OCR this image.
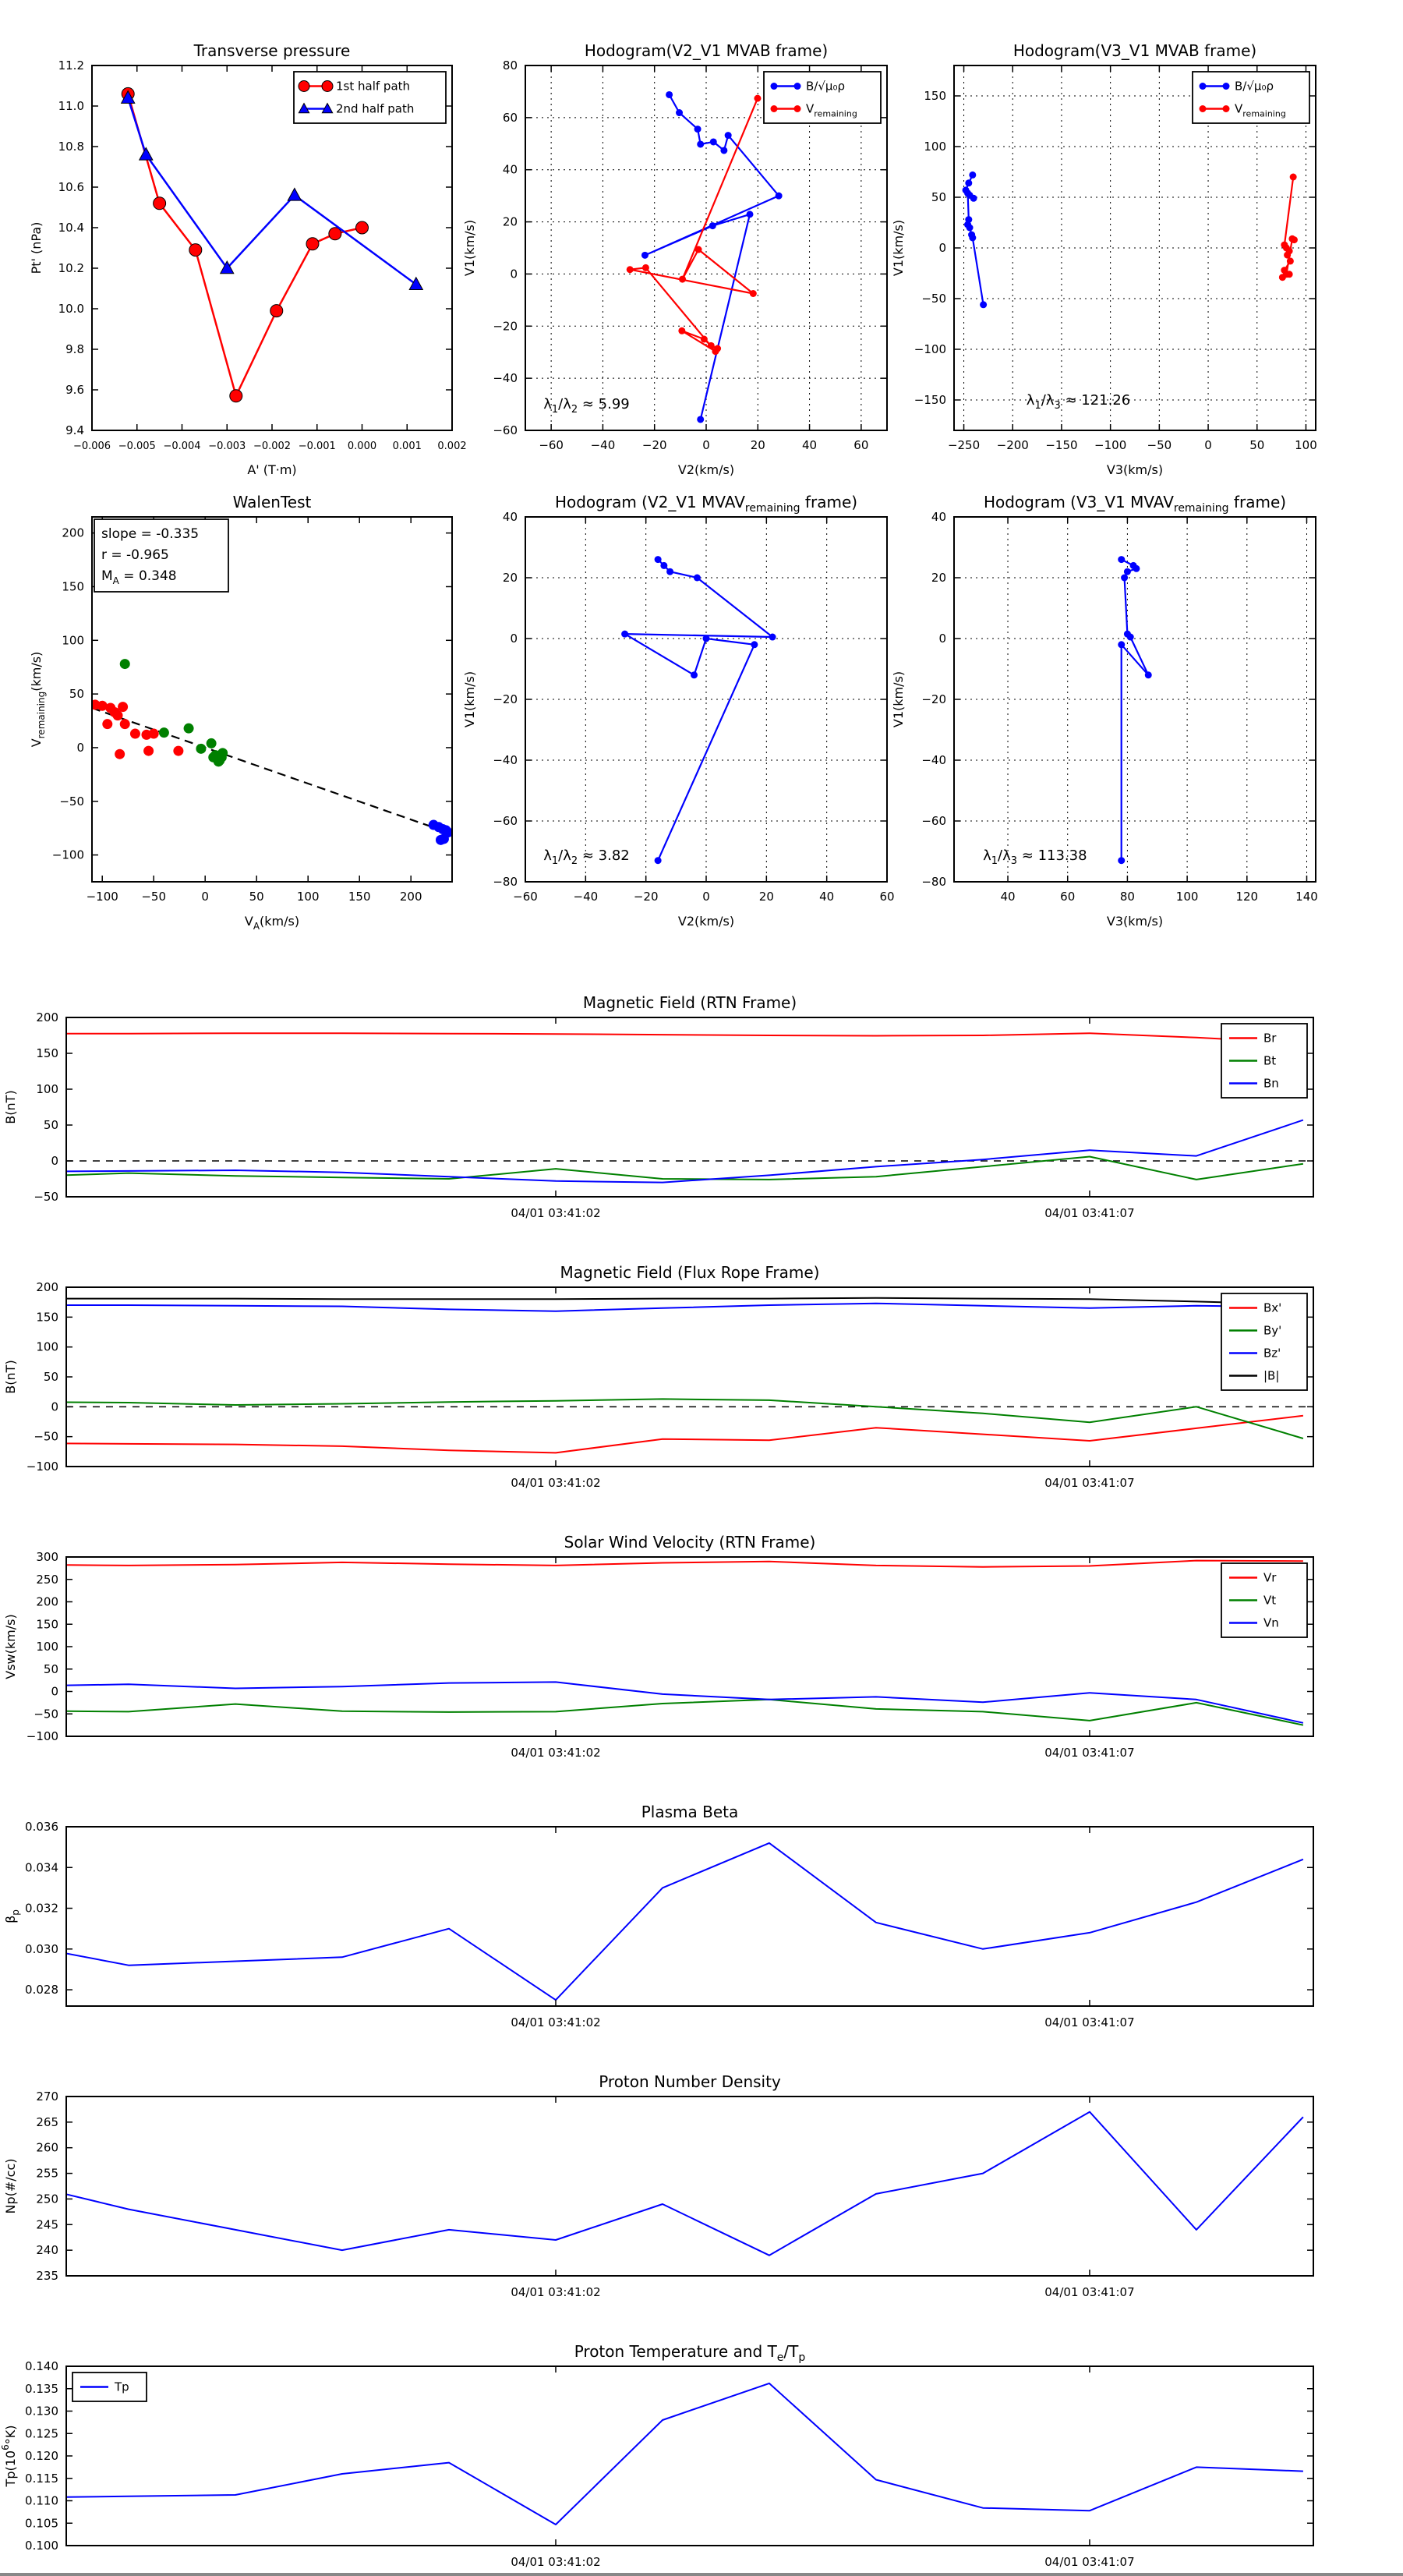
−0.006 −0.005 −0.004 −0.003 −0.002 −0.001 0.000 0.001 0.002
9.4
9.6
9.8
10.0
10.2
10.4
10.6
10.8
11.0
11.2
Transverse pressure
A' (T·m)
Pt' (nPa)
1st half path
2nd half path
−60 −40 −20	0	20	40	60
−60
−40
−20
0
20
40
60
80
Hodogram(V2_V1 MVAB frame)
V2(km/s)
V1(km/s)
B/√μ₀ρ
$V_{remaining}$
$\lambda_1/\lambda_2 \approx 5.99$
−250 −200 −150 −100 −50	0	50	100
−150
−100
−50
0
50
100
150
Hodogram(V3_V1 MVAB frame)
V3(km/s)
V1(km/s)
B/√μ₀ρ
$V_{remaining}$
$\lambda_1/\lambda_3 \approx 121.26$
−100 −50	0	50	100 150 200
−100
−50
0
50
100
150
200
WalenTest
$V_A(km/s)$
$V_{remaining}(km/s)$
slope = -0.335
r = -0.965
$M_A = 0.348$
−60	−40	−20	0	20	40	60
−80
−60
−40
−20
0
20
40
Hodogram (V2_V1 $MVAV_{remaining}$ frame)
V2(km/s)
V1(km/s)
$\lambda_1/\lambda_2 \approx 3.82$
40	60	80	100	120	140
−80
−60
−40
−20
0
20
40
Hodogram (V3_V1 $MVAV_{remaining}$ frame)
V3(km/s)
V1(km/s)
$\lambda_1/\lambda_3 \approx 113.38$
04/01 03:41:02	04/01 03:41:07
−50
0
50
100
150
200
Magnetic Field (RTN Frame)
B(nT)
Br
Bt
Bn
04/01 03:41:02	04/01 03:41:07
−100
−50
0
50
100
150
200
Magnetic Field (Flux Rope Frame)
B(nT)
Bx'
By'
Bz'
|B|
04/01 03:41:02	04/01 03:41:07
−100
−50
0
50
100
150
200
250
300
Solar Wind Velocity (RTN Frame)
Vsw(km/s)
Vr
Vt
Vn
04/01 03:41:02	04/01 03:41:07
0.028
0.030
0.032
0.034
0.036
Plasma Beta
$\beta_p$
04/01 03:41:02	04/01 03:41:07
235
240
245
250
255
260
265
270
Proton Number Density
Np(#/cc)
04/01 03:41:02	04/01 03:41:07
0.100
0.105
0.110
0.115
0.120
0.125
0.130
0.135
0.140
Proton Temperature and $T_e/T_p$
$Tp(10^6^\circ K)$
Tp
